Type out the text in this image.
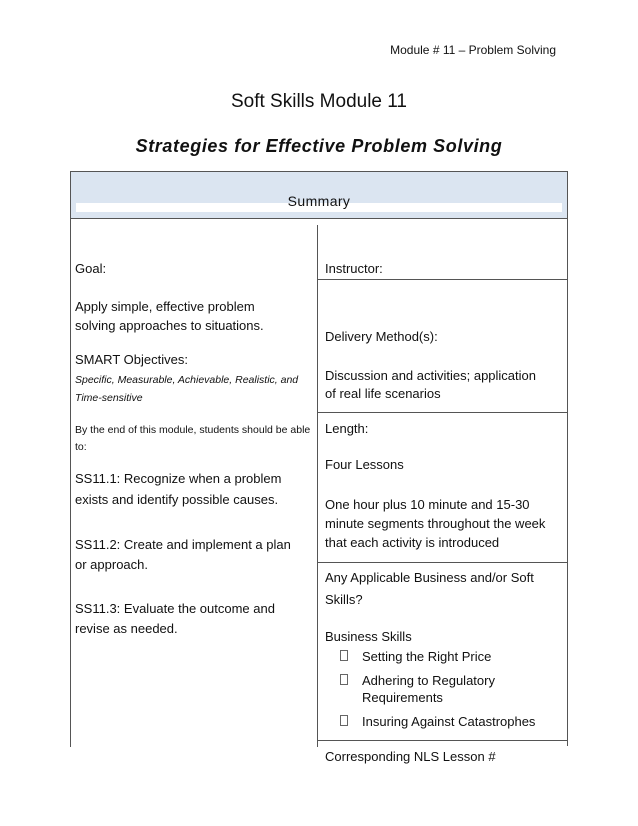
Module # 11 – Problem Solving
Soft Skills Module 11
Strategies for Effective Problem Solving
Summary
Goal:
Apply simple, effective problem
solving approaches to situations.
SMART Objectives:
Specific, Measurable, Achievable, Realistic, and
Time-sensitive
By the end of this module, students should be able
to:
SS11.1: Recognize when a problem
exists and identify possible causes.
SS11.2: Create and implement a plan
or approach.
SS11.3: Evaluate the outcome and
revise as needed.
Instructor:
Delivery Method(s):
Discussion and activities; application
of real life scenarios
Length:
Four Lessons
One hour plus 10 minute and 15-30
minute segments throughout the week
that each activity is introduced
Any Applicable Business and/or Soft
Skills?
Business Skills
Setting the Right Price
Adhering to Regulatory Requirements
Insuring Against Catastrophes
Corresponding NLS Lesson #
